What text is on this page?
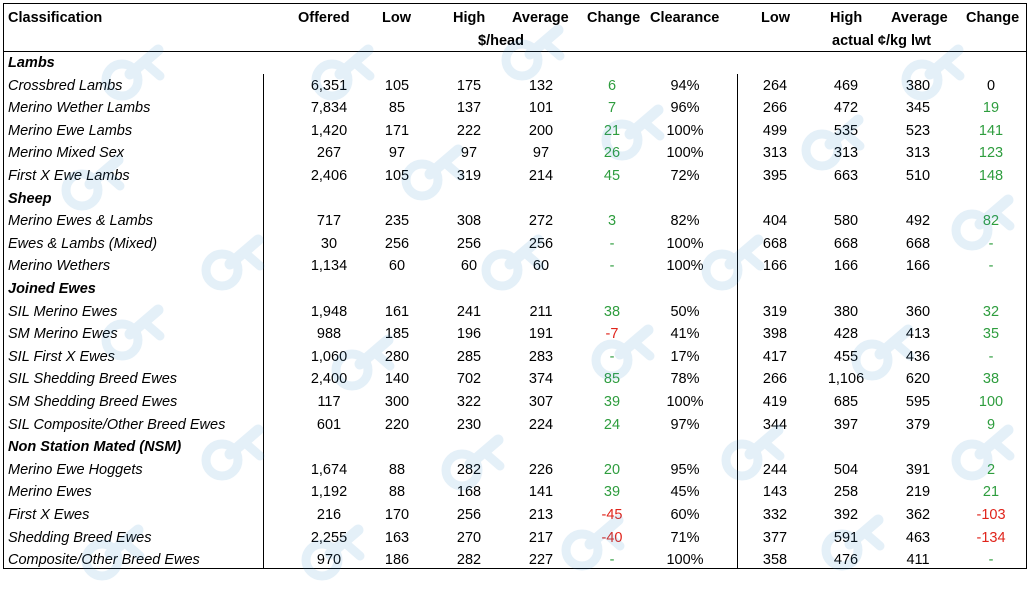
Classification	Offered Low	High Average Change Clearance	Low	High Average Change
$/head	actual ¢/kg lwt
Lambs
Crossbred Lambs	6,351	105	175	132	6	94%	264	469	380	0
Merino Wether Lambs	7,834	85	137	101	7	96%	266	472	345	19
Merino Ewe Lambs	1,420	171	222	200	21	100%	499	535	523	141
Merino Mixed Sex	267	97	97	97	26	100%	313	313	313	123
First X Ewe Lambs	2,406	105	319	214	45	72%	395	663	510	148
Sheep
Merino Ewes & Lambs	717	235	308	272	3	82%	404	580	492	82
Ewes & Lambs (Mixed)	30	256	256	256	-	100%	668	668	668	-
Merino Wethers	1,134	60	60	60	-	100%	166	166	166	-
Joined Ewes
SIL Merino Ewes	1,948	161	241	211	38	50%	319	380	360	32
SM Merino Ewes	988	185	196	191	-7	41%	398	428	413	35
SIL First X Ewes	1,060	280	285	283	-	17%	417	455	436	-
SIL Shedding Breed Ewes	2,400	140	702	374	85	78%	266	1,106	620	38
SM Shedding Breed Ewes	117	300	322	307	39	100%	419	685	595	100
SIL Composite/Other Breed Ewes	601	220	230	224	24	97%	344	397	379	9
Non Station Mated (NSM)
Merino Ewe Hoggets	1,674	88	282	226	20	95%	244	504	391	2
Merino Ewes	1,192	88	168	141	39	45%	143	258	219	21
First X Ewes	216	170	256	213	-45	60%	332	392	362	-103
Shedding Breed Ewes	2,255	163	270	217	-40	71%	377	591	463	-134
Composite/Other Breed Ewes	970	186	282	227	-	100%	358	476	411	-
